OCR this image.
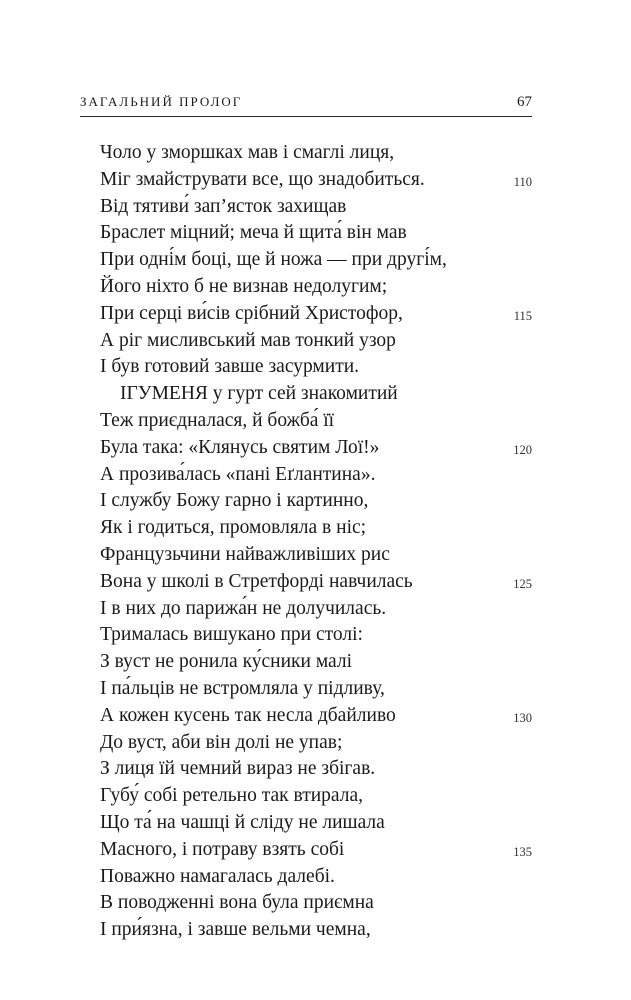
ЗАГАЛЬНИЙ ПРОЛОГ	67
Чоло у зморшках мав і смаглі лиця,
Міг змайструвати все, що знадобиться.	110
Від тятиви́ зап’ясток захищав
Браслет міцний; меча й щита́ він мав
При одні́м боці, ще й ножа — при другі́м,
Його ніхто б не визнав недолугим;
При серці ви́сів срібний Христофор,	115
А ріг мисливський мав тонкий узор
І був готовий завше засурмити.
ІГУМЕНЯ у гурт сей знакомитий
Теж приєдналася, й божба́ її
Була така: «Клянусь святим Лої!»	120
А прозива́лась «пані Еґлантина».
І службу Божу гарно і картинно,
Як і годиться, промовляла в ніс;
Французьчини найважливіших рис
Вона у школі в Стретфорді навчилась	125
І в них до парижа́н не долучилась.
Трималась вишукано при столі:
З вуст не ронила ку́сники малі
І па́льців не встромляла у підливу,
А кожен кусень так несла дбайливо	130
До вуст, аби він долі не упав;
З лиця їй чемний вираз не збігав.
Губу́ собі ретельно так втирала,
Що та́ на чашці й сліду не лишала
Масного, і потраву взять собі	135
Поважно намагалась далебі.
В поводженні вона була приємна
І при́язна, і завше вельми чемна,
